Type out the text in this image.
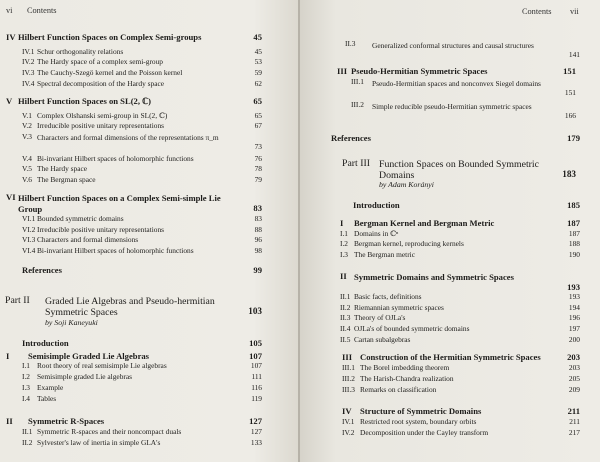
vi Contents
IV Hilbert Function Spaces on Complex Semi-groups	45
IV.1 Schur orthogonality relations	45
IV.2 The Hardy space of a complex semi-group	53
IV.3 The Cauchy-Szegö kernel and the Poisson kernel	59
IV.4 Spectral decomposition of the Hardy space	62
V Hilbert Function Spaces on SL(2, ℂ)	65
V.1 Complex Olshanski semi-group in SL(2, ℂ)	65
V.2 Irreducible positive unitary representations	67
V.3 Characters and formal dimensions of the representations π_m
73
V.4 Bi-invariant Hilbert spaces of holomorphic functions	76
V.5 The Hardy space	78
V.6 The Bergman space	79
VI Hilbert Function Spaces on a Complex Semi-simple Lie Group	83
VI.1 Bounded symmetric domains	83
VI.2 Irreducible positive unitary representations	88
VI.3 Characters and formal dimensions	96
VI.4 Bi-invariant Hilbert spaces of holomorphic functions	98
References	99
Part II Graded Lie Algebras and Pseudo-hermitian Symmetric Spaces
by Soji Kaneyuki
103
Introduction	105
I Semisimple Graded Lie Algebras	107
I.1 Root theory of real semisimple Lie algebras	107
I.2 Semisimple graded Lie algebras	111
I.3 Example	116
I.4 Tables	119
II Symmetric R-Spaces	127
II.1 Symmetric R-spaces and their noncompact duals	127
II.2 Sylvester's law of inertia in simple GLA's	133
Contents vii
II.3 Generalized conformal structures and causal structures
141
III Pseudo-Hermitian Symmetric Spaces	151
III.1 Pseudo-Hermitian spaces and nonconvex Siegel domains
151
III.2 Simple reducible pseudo-Hermitian symmetric spaces
166
References	179
Part III Function Spaces on Bounded Symmetric Domains
by Adam Korányi
183
Introduction	185
I Bergman Kernel and Bergman Metric	187
I.1 Domains in ℂⁿ	187
I.2 Bergman kernel, reproducing kernels	188
I.3 The Bergman metric	190
II Symmetric Domains and Symmetric Spaces
193
II.1 Basic facts, definitions	193
II.2 Riemannian symmetric spaces	194
II.3 Theory of OJLa's	196
II.4 OJLa's of bounded symmetric domains	197
II.5 Cartan subalgebras	200
III Construction of the Hermitian Symmetric Spaces	203
III.1 The Borel imbedding theorem	203
III.2 The Harish-Chandra realization	205
III.3 Remarks on classification	209
IV Structure of Symmetric Domains	211
IV.1 Restricted root system, boundary orbits	211
IV.2 Decomposition under the Cayley transform	217
